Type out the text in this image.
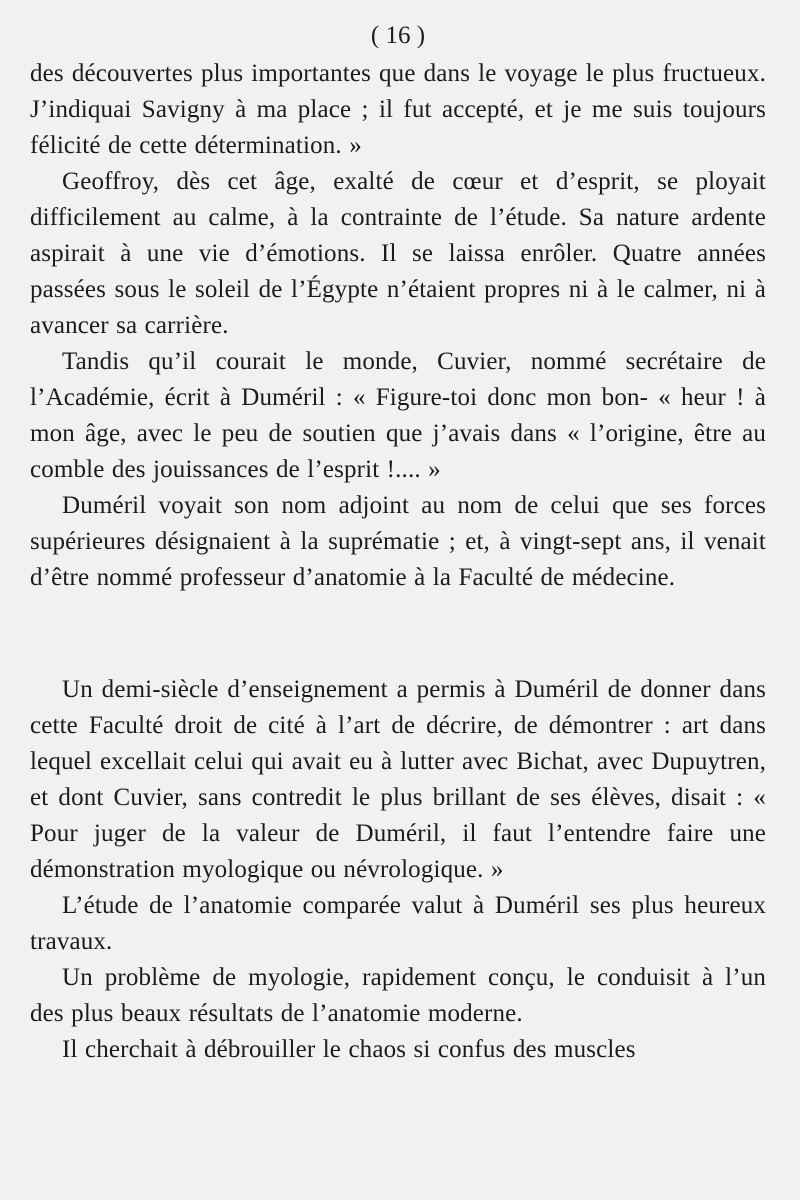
( 16 )

des découvertes plus importantes que dans le voyage le plus fructueux. J’indiquai Savigny à ma place ; il fut accepté, et je me suis toujours félicité de cette détermination. »

Geoffroy, dès cet âge, exalté de cœur et d’esprit, se ployait difficilement au calme, à la contrainte de l’étude. Sa nature ardente aspirait à une vie d’émotions. Il se laissa enrôler. Quatre années passées sous le soleil de l’Égypte n’étaient propres ni à le calmer, ni à avancer sa carrière.

Tandis qu’il courait le monde, Cuvier, nommé secrétaire de l’Académie, écrit à Duméril : « Figure-toi donc mon bon- « heur ! à mon âge, avec le peu de soutien que j’avais dans « l’origine, être au comble des jouissances de l’esprit !.... »

Duméril voyait son nom adjoint au nom de celui que ses forces supérieures désignaient à la suprématie ; et, à vingt-sept ans, il venait d’être nommé professeur d’anatomie à la Faculté de médecine.

Un demi-siècle d’enseignement a permis à Duméril de donner dans cette Faculté droit de cité à l’art de décrire, de démontrer : art dans lequel excellait celui qui avait eu à lutter avec Bichat, avec Dupuytren, et dont Cuvier, sans contredit le plus brillant de ses élèves, disait : « Pour juger de la valeur de Duméril, il faut l’entendre faire une démonstration myologique ou névrologique. »

L’étude de l’anatomie comparée valut à Duméril ses plus heureux travaux.

Un problème de myologie, rapidement conçu, le conduisit à l’un des plus beaux résultats de l’anatomie moderne.

Il cherchait à débrouiller le chaos si confus des muscles
